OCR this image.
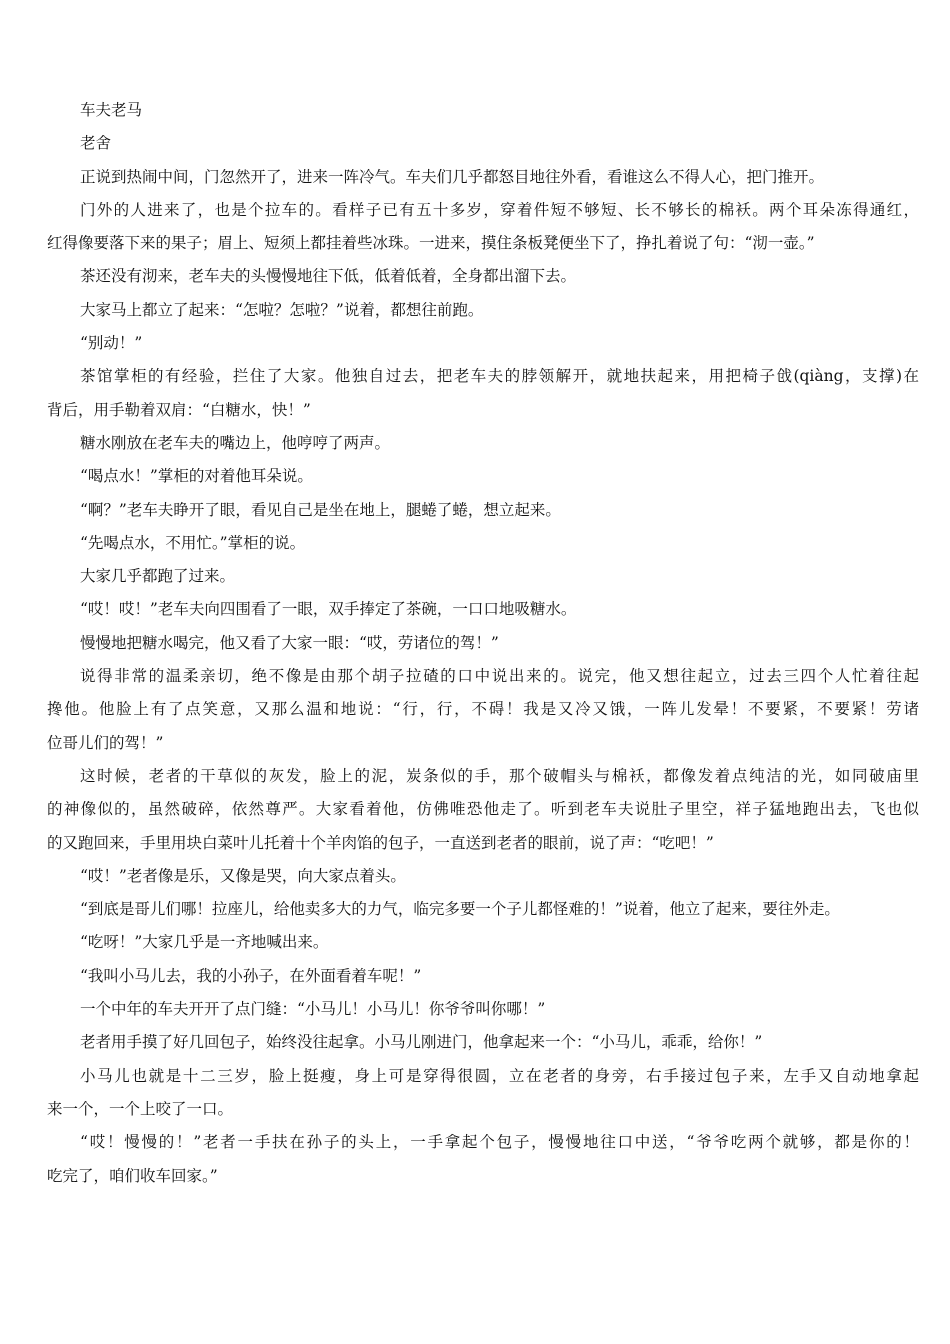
车夫老马
老舍
正说到热闹中间，门忽然开了，进来一阵冷气。车夫们几乎都怒目地往外看，看谁这么不得人心，把门推开。
门外的人进来了，也是个拉车的。看样子已有五十多岁，穿着件短不够短、长不够长的棉袄。两个耳朵冻得通红，
红得像要落下来的果子；眉上、短须上都挂着些冰珠。一进来，摸住条板凳便坐下了，挣扎着说了句：“沏一壶。”
茶还没有沏来，老车夫的头慢慢地往下低，低着低着，全身都出溜下去。
大家马上都立了起来：“怎啦？怎啦？”说着，都想往前跑。
“别动！”
茶馆掌柜的有经验，拦住了大家。他独自过去，把老车夫的脖领解开，就地扶起来，用把椅子戗(qiàng，支撑)在
背后，用手勒着双肩：“白糖水，快！”
糖水刚放在老车夫的嘴边上，他哼哼了两声。
“喝点水！”掌柜的对着他耳朵说。
“啊？”老车夫睁开了眼，看见自己是坐在地上，腿蜷了蜷，想立起来。
“先喝点水，不用忙。”掌柜的说。
大家几乎都跑了过来。
“哎！哎！”老车夫向四围看了一眼，双手捧定了茶碗，一口口地吸糖水。
慢慢地把糖水喝完，他又看了大家一眼：“哎，劳诸位的驾！”
说得非常的温柔亲切，绝不像是由那个胡子拉碴的口中说出来的。说完，他又想往起立，过去三四个人忙着往起
搀他。他脸上有了点笑意，又那么温和地说：“行，行，不碍！我是又冷又饿，一阵儿发晕！不要紧，不要紧！劳诸
位哥儿们的驾！”
这时候，老者的干草似的灰发，脸上的泥，炭条似的手，那个破帽头与棉袄，都像发着点纯洁的光，如同破庙里
的神像似的，虽然破碎，依然尊严。大家看着他，仿佛唯恐他走了。听到老车夫说肚子里空，祥子猛地跑出去，飞也似
的又跑回来，手里用块白菜叶儿托着十个羊肉馅的包子，一直送到老者的眼前，说了声：“吃吧！”
“哎！”老者像是乐，又像是哭，向大家点着头。
“到底是哥儿们哪！拉座儿，给他卖多大的力气，临完多要一个子儿都怪难的！”说着，他立了起来，要往外走。
“吃呀！”大家几乎是一齐地喊出来。
“我叫小马儿去，我的小孙子，在外面看着车呢！”
一个中年的车夫开开了点门缝：“小马儿！小马儿！你爷爷叫你哪！”
老者用手摸了好几回包子，始终没往起拿。小马儿刚进门，他拿起来一个：“小马儿，乖乖，给你！”
小马儿也就是十二三岁，脸上挺瘦，身上可是穿得很圆，立在老者的身旁，右手接过包子来，左手又自动地拿起
来一个，一个上咬了一口。
“哎！慢慢的！”老者一手扶在孙子的头上，一手拿起个包子，慢慢地往口中送，“爷爷吃两个就够，都是你的！
吃完了，咱们收车回家。”
